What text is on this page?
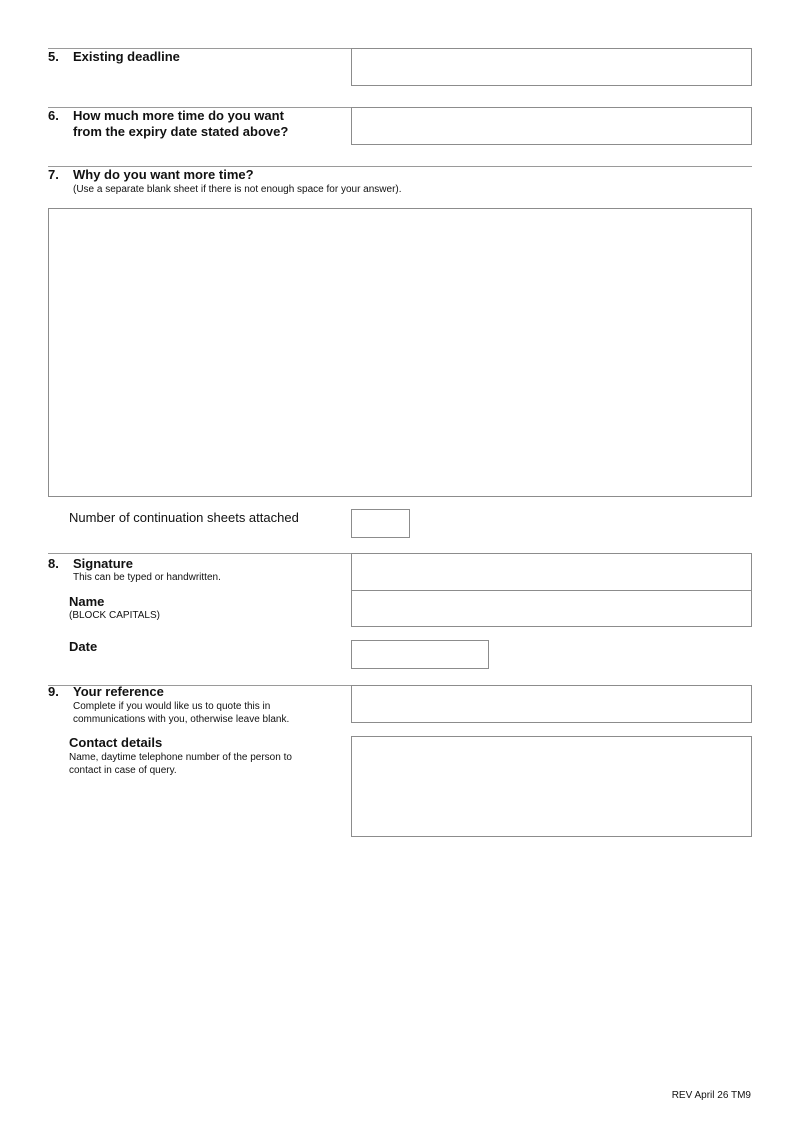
5. Existing deadline
6. How much more time do you want
from the expiry date stated above?
7. Why do you want more time?
(Use a separate blank sheet if there is not enough space for your answer).
Number of continuation sheets attached
8. Signature
This can be typed or handwritten.
Name
(BLOCK CAPITALS)
Date
9. Your reference
Complete if you would like us to quote this in
communications with you, otherwise leave blank.
Contact details
Name, daytime telephone number of the person to
contact in case of query.
REV April 26 TM9
